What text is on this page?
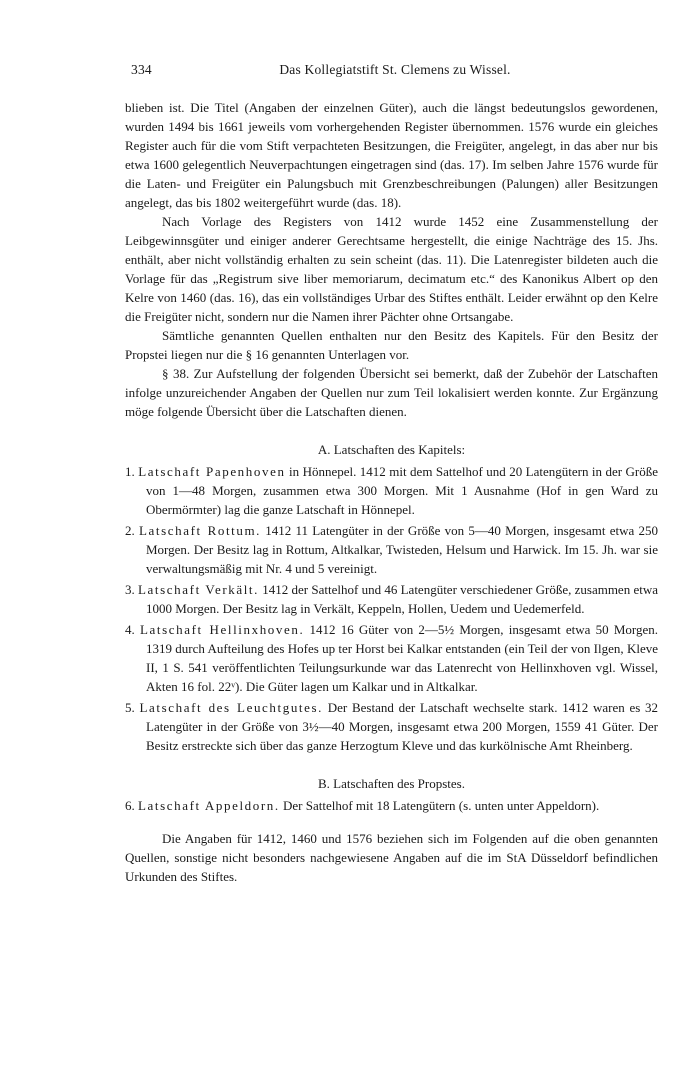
334	Das Kollegiatstift St. Clemens zu Wissel.

blieben ist. Die Titel (Angaben der einzelnen Güter), auch die längst bedeutungslos gewordenen, wurden 1494 bis 1661 jeweils vom vorhergehenden Register übernommen. 1576 wurde ein gleiches Register auch für die vom Stift verpachteten Besitzungen, die Freigüter, angelegt, in das aber nur bis etwa 1600 gelegentlich Neuverpachtungen eingetragen sind (das. 17). Im selben Jahre 1576 wurde für die Laten- und Freigüter ein Palungsbuch mit Grenzbeschreibungen (Palungen) aller Besitzungen angelegt, das bis 1802 weitergeführt wurde (das. 18).

Nach Vorlage des Registers von 1412 wurde 1452 eine Zusammenstellung der Leibgewinnsgüter und einiger anderer Gerechtsame hergestellt, die einige Nachträge des 15. Jhs. enthält, aber nicht vollständig erhalten zu sein scheint (das. 11). Die Latenregister bildeten auch die Vorlage für das „Registrum sive liber memoriarum, decimatum etc.“ des Kanonikus Albert op den Kelre von 1460 (das. 16), das ein vollständiges Urbar des Stiftes enthält. Leider erwähnt op den Kelre die Freigüter nicht, sondern nur die Namen ihrer Pächter ohne Ortsangabe.

Sämtliche genannten Quellen enthalten nur den Besitz des Kapitels. Für den Besitz der Propstei liegen nur die § 16 genannten Unterlagen vor.

§ 38. Zur Aufstellung der folgenden Übersicht sei bemerkt, daß der Zubehör der Latschaften infolge unzureichender Angaben der Quellen nur zum Teil lokalisiert werden konnte. Zur Ergänzung möge folgende Übersicht über die Latschaften dienen.

A. Latschaften des Kapitels:
1. Latschaft Papenhoven in Hönnepel. 1412 mit dem Sattelhof und 20 Latengütern in der Größe von 1—48 Morgen, zusammen etwa 300 Morgen. Mit 1 Ausnahme (Hof in gen Ward zu Obermörmter) lag die ganze Latschaft in Hönnepel.
2. Latschaft Rottum. 1412 11 Latengüter in der Größe von 5—40 Morgen, insgesamt etwa 250 Morgen. Der Besitz lag in Rottum, Altkalkar, Twisteden, Helsum und Harwick. Im 15. Jh. war sie verwaltungsmäßig mit Nr. 4 und 5 vereinigt.
3. Latschaft Verkält. 1412 der Sattelhof und 46 Latengüter verschiedener Größe, zusammen etwa 1000 Morgen. Der Besitz lag in Verkält, Keppeln, Hollen, Uedem und Uedemerfeld.
4. Latschaft Hellinxhoven. 1412 16 Güter von 2—5½ Morgen, insgesamt etwa 50 Morgen. 1319 durch Aufteilung des Hofes up ter Horst bei Kalkar entstanden (ein Teil der von Ilgen, Kleve II, 1 S. 541 veröffentlichten Teilungsurkunde war das Latenrecht von Hellinxhoven vgl. Wissel, Akten 16 fol. 22ᵛ). Die Güter lagen um Kalkar und in Altkalkar.
5. Latschaft des Leuchtgutes. Der Bestand der Latschaft wechselte stark. 1412 waren es 32 Latengüter in der Größe von 3½—40 Morgen, insgesamt etwa 200 Morgen, 1559 41 Güter. Der Besitz erstreckte sich über das ganze Herzogtum Kleve und das kurkölnische Amt Rheinberg.
B. Latschaften des Propstes.
6. Latschaft Appeldorn. Der Sattelhof mit 18 Latengütern (s. unten unter Appeldorn).

Die Angaben für 1412, 1460 und 1576 beziehen sich im Folgenden auf die oben genannten Quellen, sonstige nicht besonders nachgewiesene Angaben auf die im StA Düsseldorf befindlichen Urkunden des Stiftes.
